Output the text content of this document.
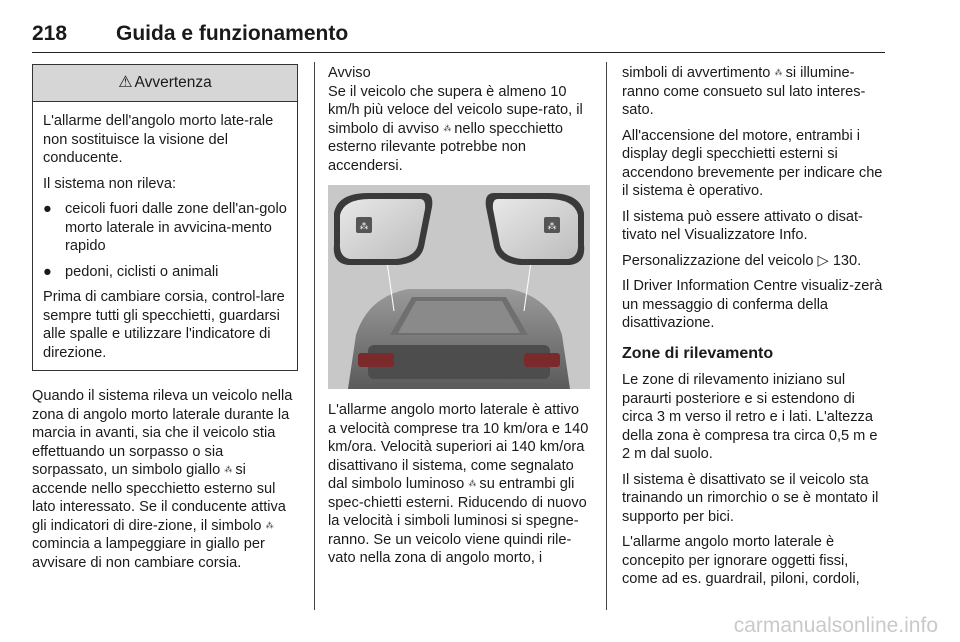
218 Guida e funzionamento
⚠ Avvertenza

L'allarme dell'angolo morto late-rale non sostituisce la visione del conducente.

Il sistema non rileva:

● ceicoli fuori dalle zone dell'an-golo morto laterale in avvicina-mento rapido
● pedoni, ciclisti o animali

Prima di cambiare corsia, control-lare sempre tutti gli specchietti, guardarsi alle spalle e utilizzare l'indicatore di direzione.

Quando il sistema rileva un veicolo nella zona di angolo morto laterale durante la marcia in avanti, sia che il veicolo stia effettuando un sorpasso o sia sorpassato, un simbolo giallo ⁂ si accende nello specchietto esterno sul lato interessato. Se il conducente attiva gli indicatori di dire-zione, il simbolo ⁂ comincia a lampeggiare in giallo per avvisare di non cambiare corsia.

Avviso
Se il veicolo che supera è almeno 10 km/h più veloce del veicolo supe-rato, il simbolo di avviso ⁂ nello specchietto esterno rilevante potrebbe non accendersi.

⁂	⁂

L'allarme angolo morto laterale è attivo a velocità comprese tra 10 km/ora e 140 km/ora. Velocità superiori ai 140 km/ora disattivano il sistema, come segnalato dal simbolo luminoso ⁂ su entrambi gli spec-chietti esterni. Riducendo di nuovo la velocità i simboli luminosi si spegne-ranno. Se un veicolo viene quindi rile-vato nella zona di angolo morto, i

simboli di avvertimento ⁂ si illumine-ranno come consueto sul lato interes-sato.

All'accensione del motore, entrambi i display degli specchietti esterni si accendono brevemente per indicare che il sistema è operativo.

Il sistema può essere attivato o disat-tivato nel Visualizzatore Info.

Personalizzazione del veicolo ▷ 130.

Il Driver Information Centre visualiz-zerà un messaggio di conferma della disattivazione.

Zone di rilevamento

Le zone di rilevamento iniziano sul paraurti posteriore e si estendono di circa 3 m verso il retro e i lati. L'altezza della zona è compresa tra circa 0,5 m e 2 m dal suolo.

Il sistema è disattivato se il veicolo sta trainando un rimorchio o se è montato il supporto per bici.

L'allarme angolo morto laterale è concepito per ignorare oggetti fissi, come ad es. guardrail, piloni, cordoli,

carmanualsonline.info
